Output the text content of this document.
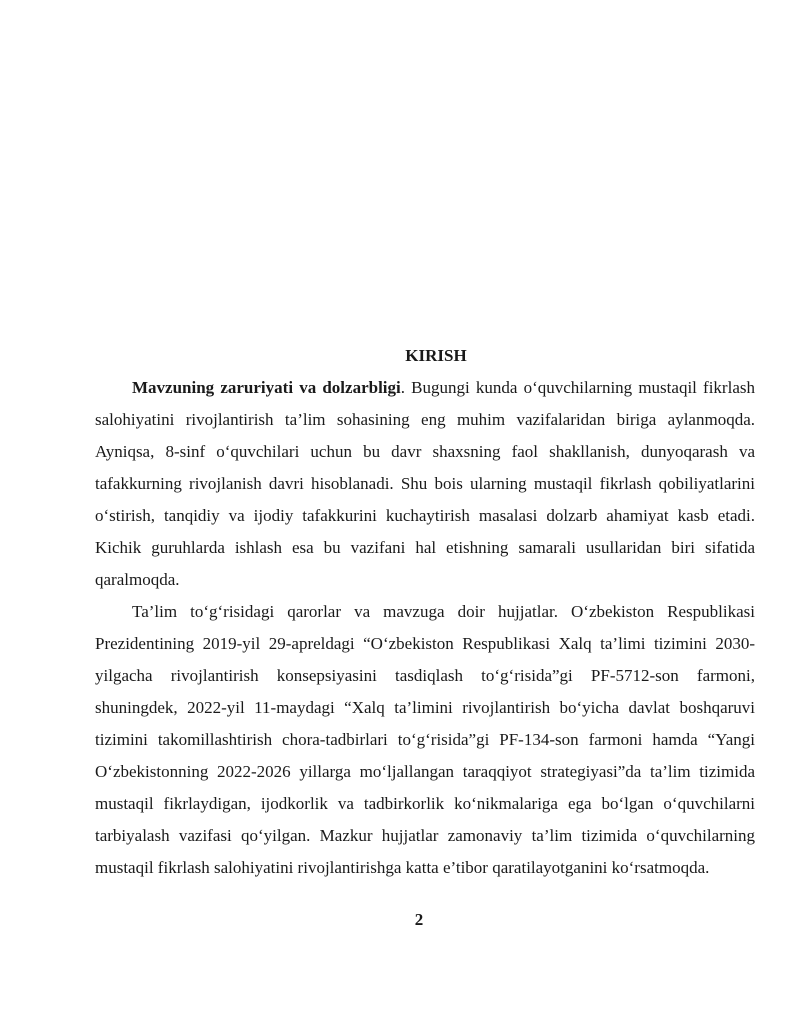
KIRISH

Mavzuning zaruriyati va dolzarbligi. Bugungi kunda o‘quvchilarning mustaqil fikrlash salohiyatini rivojlantirish ta’lim sohasining eng muhim vazifalaridan biriga aylanmoqda. Ayniqsa, 8-sinf o‘quvchilari uchun bu davr shaxsning faol shakllanish, dunyoqarash va tafakkurning rivojlanish davri hisoblanadi. Shu bois ularning mustaqil fikrlash qobiliyatlarini o‘stirish, tanqidiy va ijodiy tafakkurini kuchaytirish masalasi dolzarb ahamiyat kasb etadi. Kichik guruhlarda ishlash esa bu vazifani hal etishning samarali usullaridan biri sifatida qaralmoqda.

Ta’lim to‘g‘risidagi qarorlar va mavzuga doir hujjatlar. O‘zbekiston Respublikasi Prezidentining 2019-yil 29-apreldagi “O‘zbekiston Respublikasi Xalq ta’limi tizimini 2030-yilgacha rivojlantirish konsepsiyasini tasdiqlash to‘g‘risida”gi PF-5712-son farmoni, shuningdek, 2022-yil 11-maydagi “Xalq ta’limini rivojlantirish bo‘yicha davlat boshqaruvi tizimini takomillashtirish chora-tadbirlari to‘g‘risida”gi PF-134-son farmoni hamda “Yangi O‘zbekistonning 2022-2026 yillarga mo‘ljallangan taraqqiyot strategiyasi”da ta’lim tizimida mustaqil fikrlaydigan, ijodkorlik va tadbirkorlik ko‘nikmalariga ega bo‘lgan o‘quvchilarni tarbiyalash vazifasi qo‘yilgan. Mazkur hujjatlar zamonaviy ta’lim tizimida o‘quvchilarning mustaqil fikrlash salohiyatini rivojlantirishga katta e’tibor qaratilayotganini ko‘rsatmoqda.

2
